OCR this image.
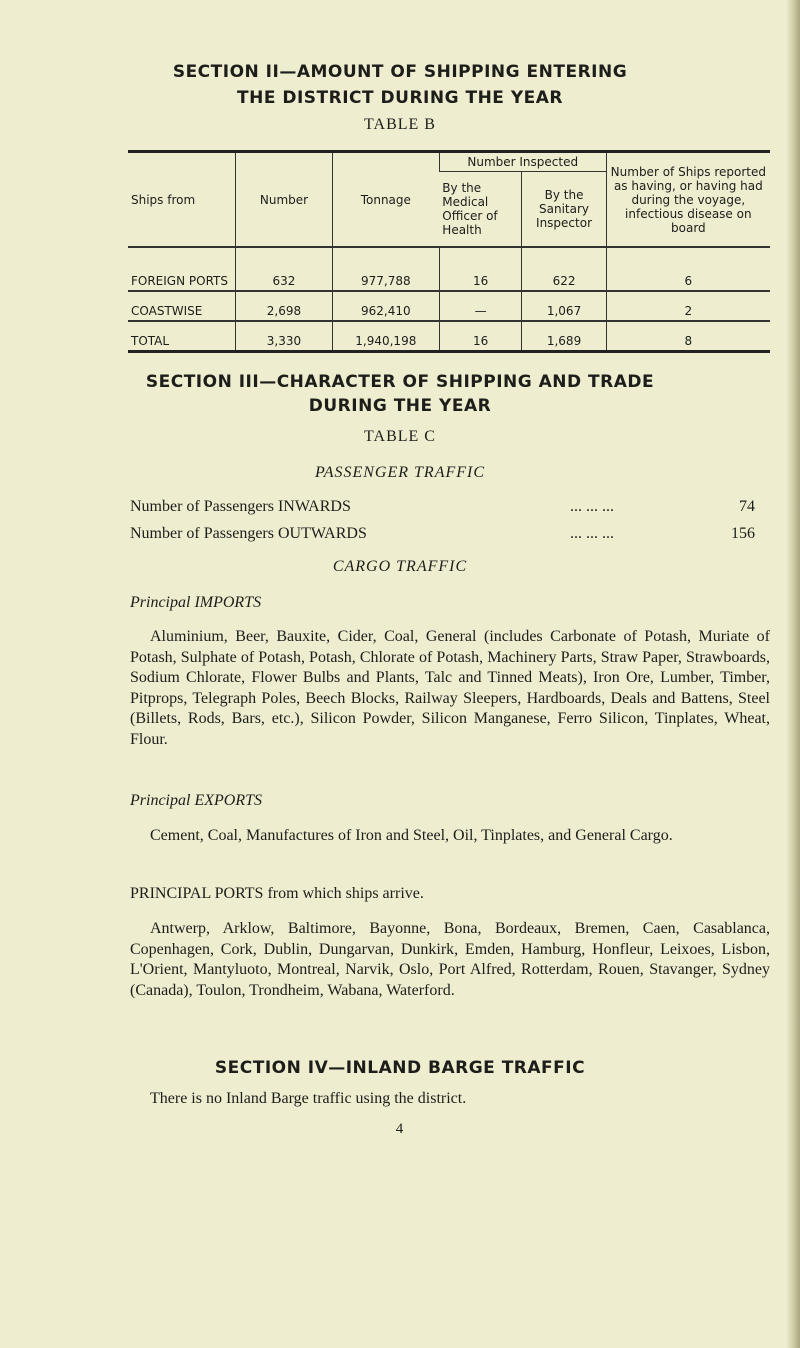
SECTION II—AMOUNT OF SHIPPING ENTERING
THE DISTRICT DURING THE YEAR
TABLE B
Ships from	Number	Tonnage	Number Inspected		Number of Ships reported as having, or having had during the voyage, infectious disease on board
			By the Medical Officer of Health	By the Sanitary Inspector	
FOREIGN PORTS	632	977,788	16	622	6
COASTWISE	2,698	962,410	—	1,067	2
TOTAL	3,330	1,940,198	16	1,689	8
SECTION III—CHARACTER OF SHIPPING AND TRADE
DURING THE YEAR
TABLE C
PASSENGER TRAFFIC
Number of Passengers INWARDS	... ... ...	74
Number of Passengers OUTWARDS	... ... ...	156
CARGO TRAFFIC
Principal IMPORTS
Aluminium, Beer, Bauxite, Cider, Coal, General (includes Carbonate of Potash, Muriate of Potash, Sulphate of Potash, Potash, Chlorate of Potash, Machinery Parts, Straw Paper, Strawboards, Sodium Chlorate, Flower Bulbs and Plants, Talc and Tinned Meats), Iron Ore, Lumber, Timber, Pitprops, Telegraph Poles, Beech Blocks, Railway Sleepers, Hardboards, Deals and Battens, Steel (Billets, Rods, Bars, etc.), Silicon Powder, Silicon Manganese, Ferro Silicon, Tinplates, Wheat, Flour.
Principal EXPORTS
Cement, Coal, Manufactures of Iron and Steel, Oil, Tinplates, and General Cargo.
PRINCIPAL PORTS from which ships arrive.
Antwerp, Arklow, Baltimore, Bayonne, Bona, Bordeaux, Bremen, Caen, Casablanca, Copenhagen, Cork, Dublin, Dungarvan, Dunkirk, Emden, Hamburg, Honfleur, Leixoes, Lisbon, L'Orient, Mantyluoto, Montreal, Narvik, Oslo, Port Alfred, Rotterdam, Rouen, Stavanger, Sydney (Canada), Toulon, Trondheim, Wabana, Waterford.
SECTION IV—INLAND BARGE TRAFFIC
There is no Inland Barge traffic using the district.
4
